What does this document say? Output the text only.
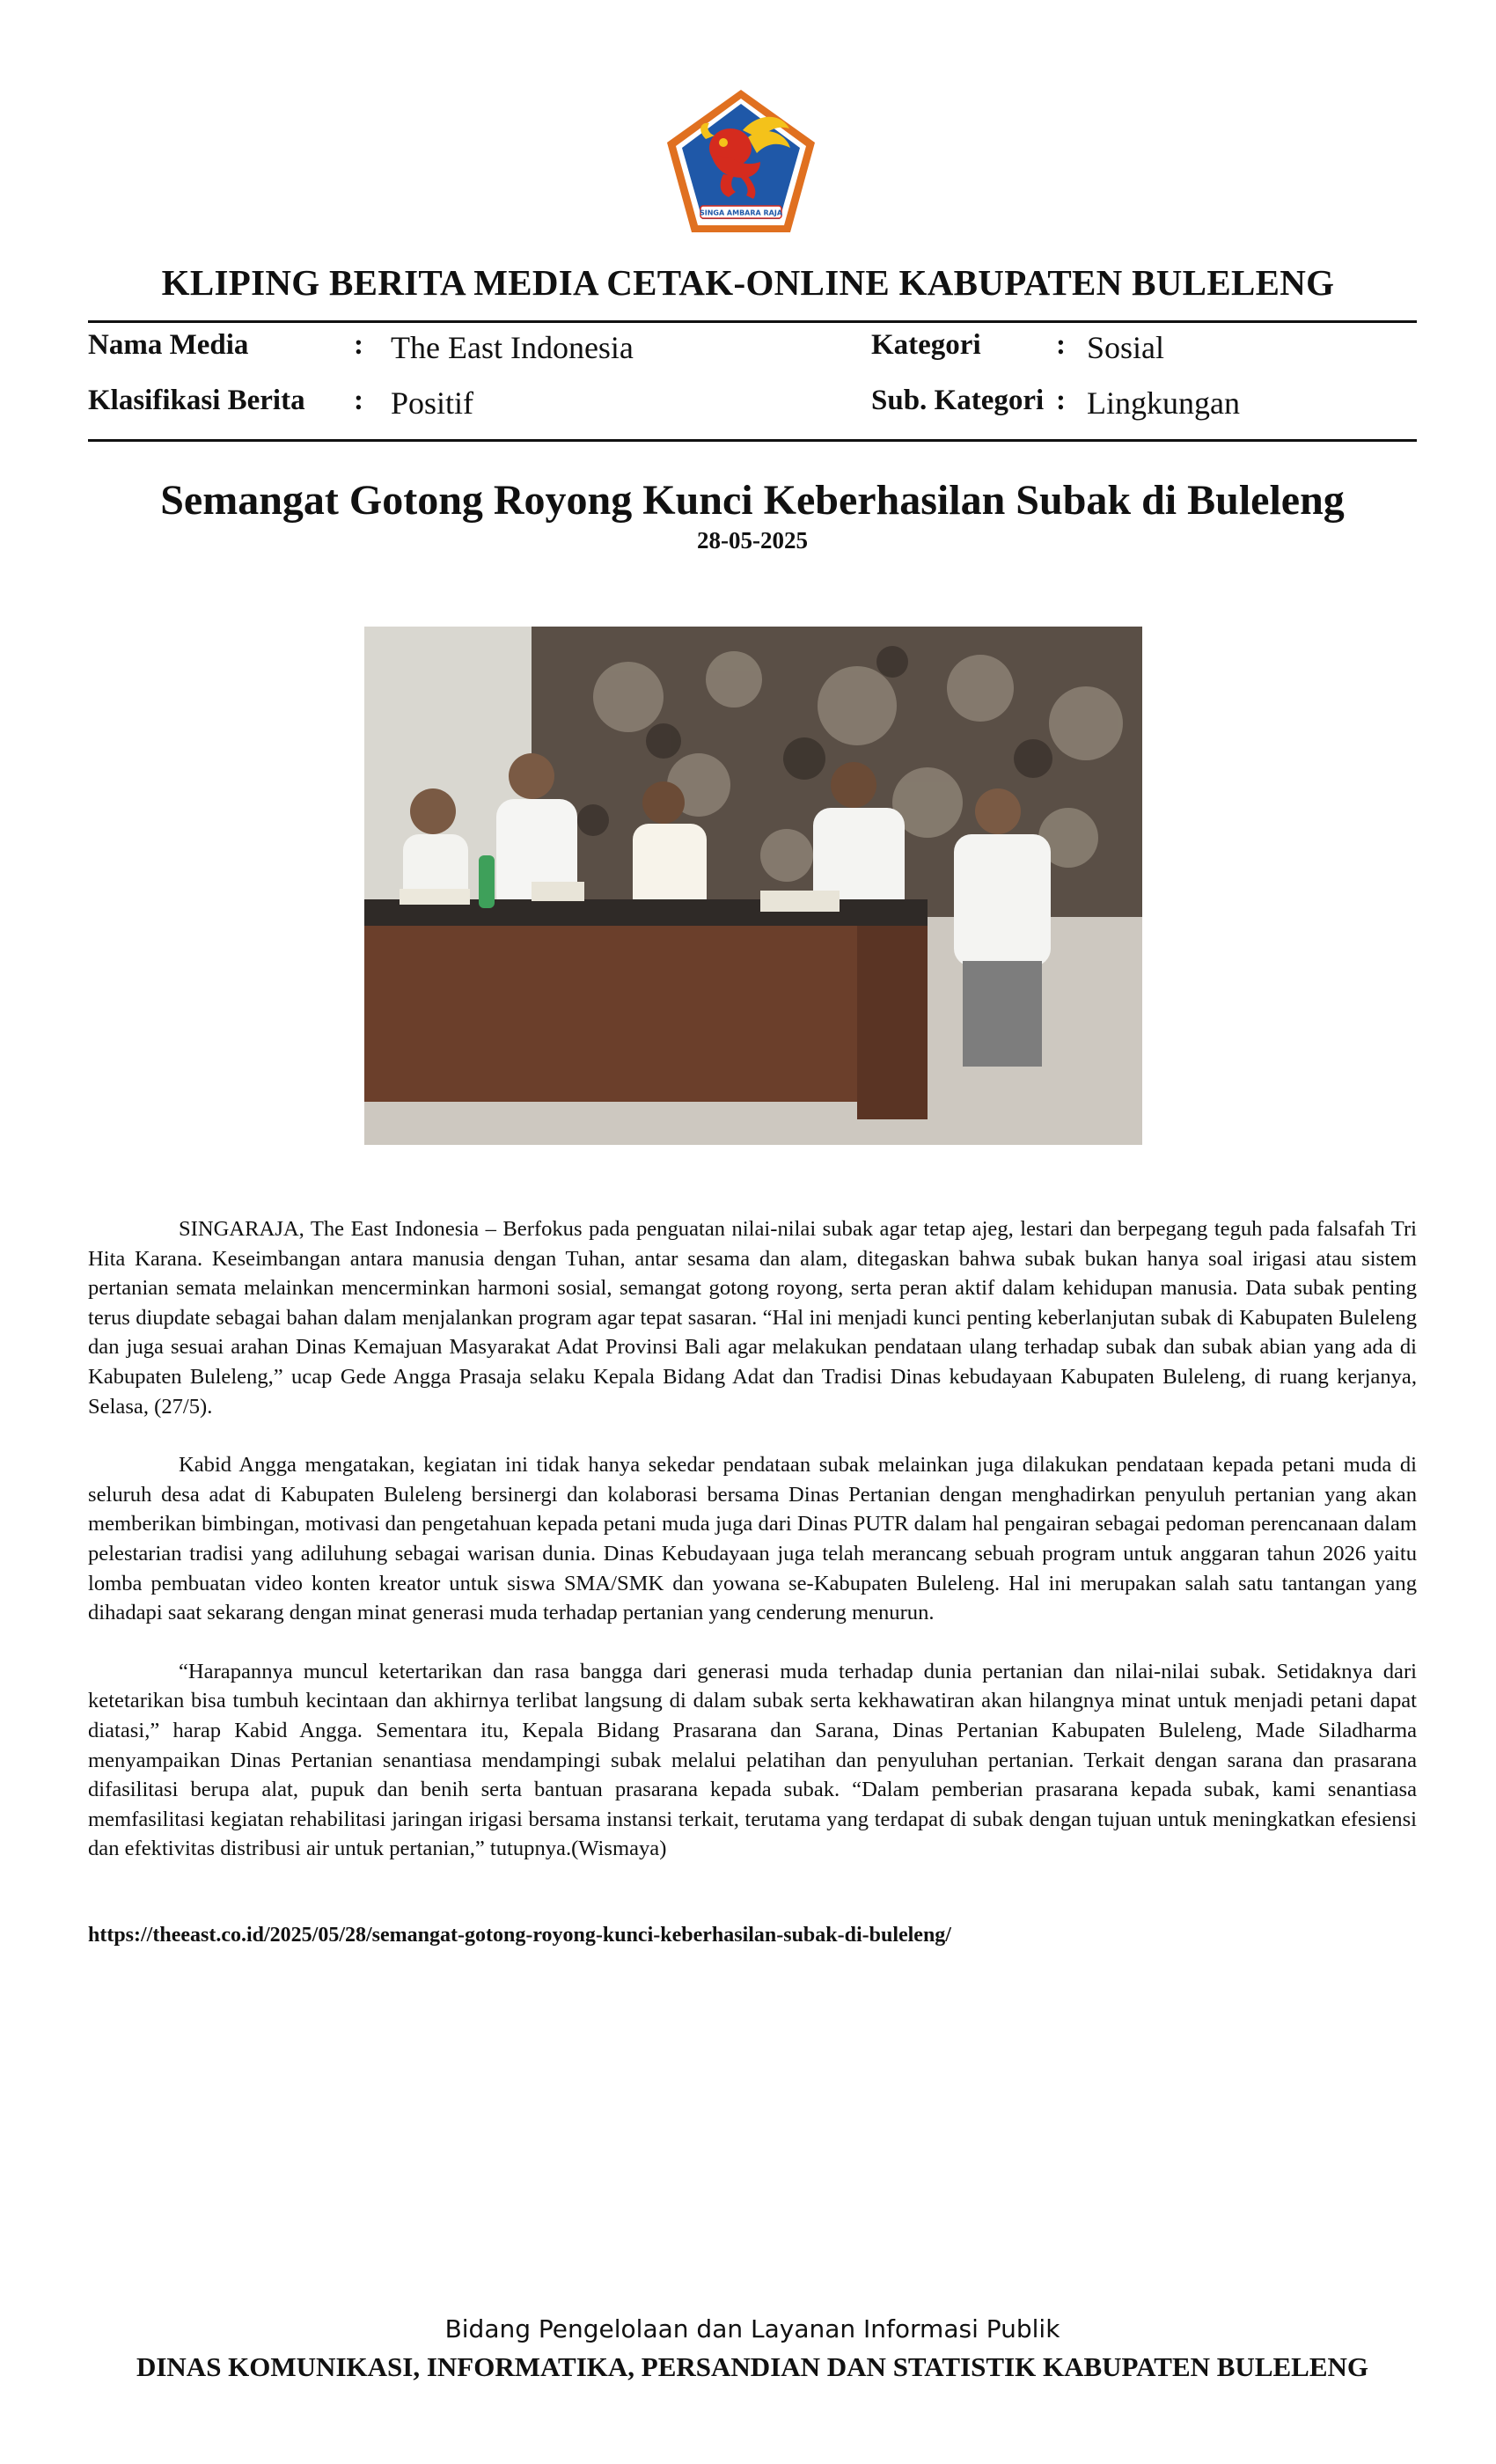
SINGA AMBARA RAJA
KLIPING BERITA MEDIA CETAK-ONLINE KABUPATEN BULELENG
Nama Media	: The East Indonesia
Klasifikasi Berita : Positif
Kategori	: Sosial
Sub. Kategori : Lingkungan
Semangat Gotong Royong Kunci Keberhasilan Subak di Buleleng
28-05-2025

SINGARAJA, The East Indonesia – Berfokus pada penguatan nilai-nilai subak agar tetap ajeg, lestari dan berpegang teguh pada falsafah Tri Hita Karana. Keseimbangan antara manusia dengan Tuhan, antar sesama dan alam, ditegaskan bahwa subak bukan hanya soal irigasi atau sistem pertanian semata melainkan mencerminkan harmoni sosial, semangat gotong royong, serta peran aktif dalam kehidupan manusia. Data subak penting terus diupdate sebagai bahan dalam menjalankan program agar tepat sasaran. “Hal ini menjadi kunci penting keberlanjutan subak di Kabupaten Buleleng dan juga sesuai arahan Dinas Kemajuan Masyarakat Adat Provinsi Bali agar melakukan pendataan ulang terhadap subak dan subak abian yang ada di Kabupaten Buleleng,” ucap Gede Angga Prasaja selaku Kepala Bidang Adat dan Tradisi Dinas kebudayaan Kabupaten Buleleng, di ruang kerjanya, Selasa, (27/5).

Kabid Angga mengatakan, kegiatan ini tidak hanya sekedar pendataan subak melainkan juga dilakukan pendataan kepada petani muda di seluruh desa adat di Kabupaten Buleleng bersinergi dan kolaborasi bersama Dinas Pertanian dengan menghadirkan penyuluh pertanian yang akan memberikan bimbingan, motivasi dan pengetahuan kepada petani muda juga dari Dinas PUTR dalam hal pengairan sebagai pedoman perencanaan dalam pelestarian tradisi yang adiluhung sebagai warisan dunia. Dinas Kebudayaan juga telah merancang sebuah program untuk anggaran tahun 2026 yaitu lomba pembuatan video konten kreator untuk siswa SMA/SMK dan yowana se-Kabupaten Buleleng. Hal ini merupakan salah satu tantangan yang dihadapi saat sekarang dengan minat generasi muda terhadap pertanian yang cenderung menurun.

“Harapannya muncul ketertarikan dan rasa bangga dari generasi muda terhadap dunia pertanian dan nilai-nilai subak. Setidaknya dari ketetarikan bisa tumbuh kecintaan dan akhirnya terlibat langsung di dalam subak serta kekhawatiran akan hilangnya minat untuk menjadi petani dapat diatasi,” harap Kabid Angga. Sementara itu, Kepala Bidang Prasarana dan Sarana, Dinas Pertanian Kabupaten Buleleng, Made Siladharma menyampaikan Dinas Pertanian senantiasa mendampingi subak melalui pelatihan dan penyuluhan pertanian. Terkait dengan sarana dan prasarana difasilitasi berupa alat, pupuk dan benih serta bantuan prasarana kepada subak. “Dalam pemberian prasarana kepada subak, kami senantiasa memfasilitasi kegiatan rehabilitasi jaringan irigasi bersama instansi terkait, terutama yang terdapat di subak dengan tujuan untuk meningkatkan efesiensi dan efektivitas distribusi air untuk pertanian,” tutupnya.(Wismaya)

https://theeast.co.id/2025/05/28/semangat-gotong-royong-kunci-keberhasilan-subak-di-buleleng/
Bidang Pengelolaan dan Layanan Informasi Publik
DINAS KOMUNIKASI, INFORMATIKA, PERSANDIAN DAN STATISTIK KABUPATEN BULELENG
